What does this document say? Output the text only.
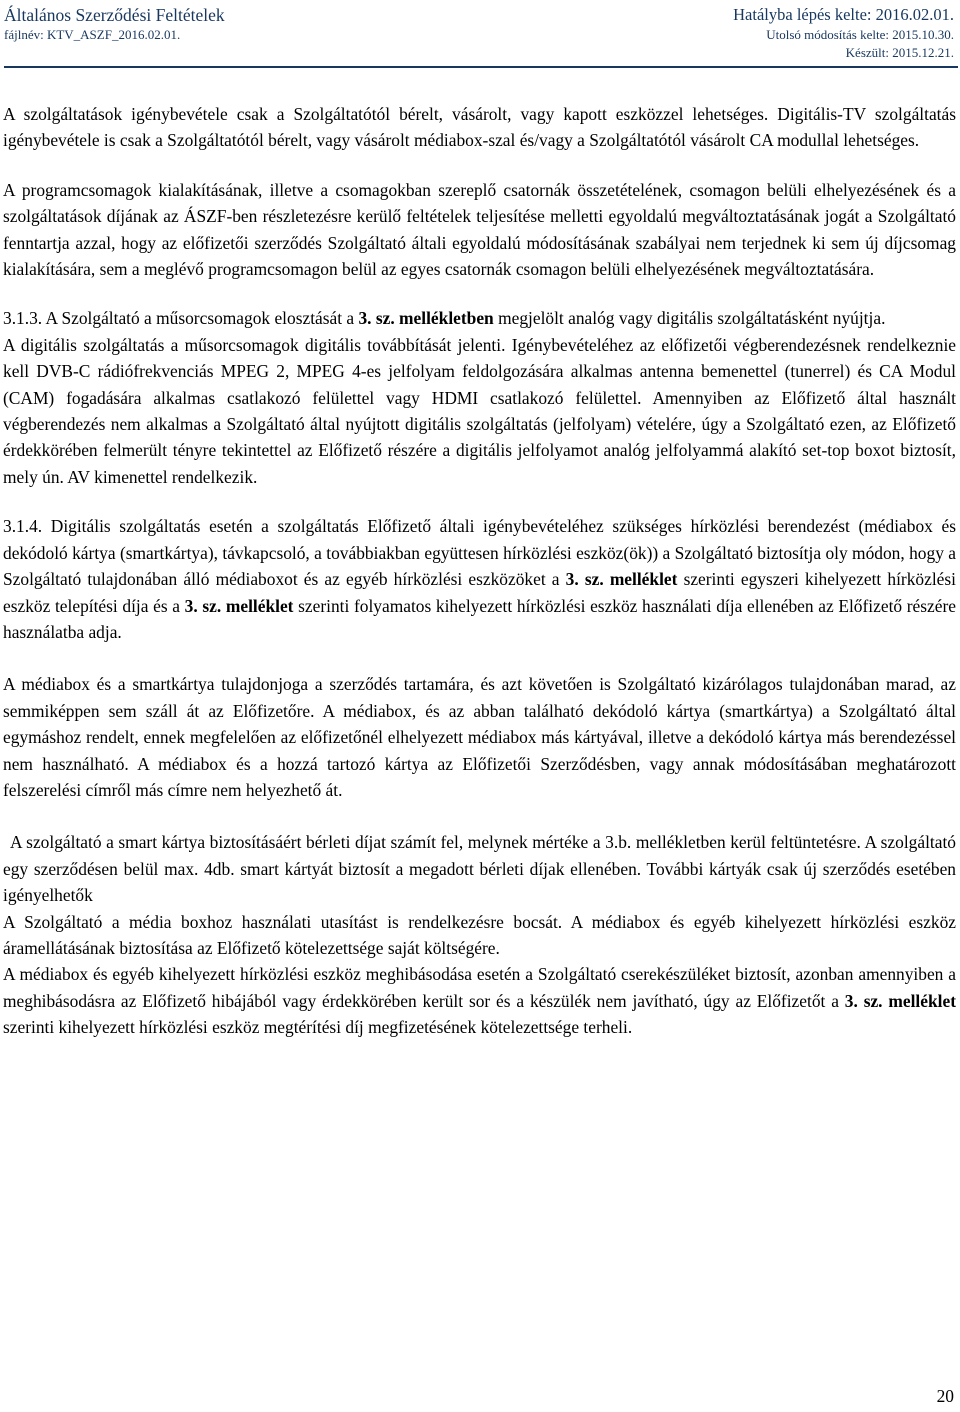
Általános Szerződési Feltételek
fájlnév: KTV_ASZF_2016.02.01.
Hatályba lépés kelte: 2016.02.01.
Utolsó módosítás kelte: 2015.10.30.
Készült: 2015.12.21.

A szolgáltatások igénybevétele csak a Szolgáltatótól bérelt, vásárolt, vagy kapott eszközzel lehetséges. Digitális-TV szolgáltatás igénybevétele is csak a Szolgáltatótól bérelt, vagy vásárolt médiabox-szal és/vagy a Szolgáltatótól vásárolt CA modullal lehetséges.

A programcsomagok kialakításának, illetve a csomagokban szereplő csatornák összetételének, csomagon belüli elhelyezésének és a szolgáltatások díjának az ÁSZF-ben részletezésre kerülő feltételek teljesítése melletti egyoldalú megváltoztatásának jogát a Szolgáltató fenntartja azzal, hogy az előfizetői szerződés Szolgáltató általi egyoldalú módosításának szabályai nem terjednek ki sem új díjcsomag kialakítására, sem a meglévő programcsomagon belül az egyes csatornák csomagon belüli elhelyezésének megváltoztatására.

3.1.3. A Szolgáltató a műsorcsomagok elosztását a 3. sz. mellékletben megjelölt analóg vagy digitális szolgáltatásként nyújtja.

A digitális szolgáltatás a műsorcsomagok digitális továbbítását jelenti. Igénybevételéhez az előfizetői végberendezésnek rendelkeznie kell DVB-C rádiófrekvenciás MPEG 2, MPEG 4-es jelfolyam feldolgozására alkalmas antenna bemenettel (tunerrel) és CA Modul (CAM) fogadására alkalmas csatlakozó felülettel vagy HDMI csatlakozó felülettel. Amennyiben az Előfizető által használt végberendezés nem alkalmas a Szolgáltató által nyújtott digitális szolgáltatás (jelfolyam) vételére, úgy a Szolgáltató ezen, az Előfizető érdekkörében felmerült tényre tekintettel az Előfizető részére a digitális jelfolyamot analóg jelfolyammá alakító set-top boxot biztosít, mely ún. AV kimenettel rendelkezik.

3.1.4. Digitális szolgáltatás esetén a szolgáltatás Előfizető általi igénybevételéhez szükséges hírközlési berendezést (médiabox és dekódoló kártya (smartkártya), távkapcsoló, a továbbiakban együttesen hírközlési eszköz(ök)) a Szolgáltató biztosítja oly módon, hogy a Szolgáltató tulajdonában álló médiaboxot és az egyéb hírközlési eszközöket a 3. sz. melléklet szerinti egyszeri kihelyezett hírközlési eszköz telepítési díja és a 3. sz. melléklet szerinti folyamatos kihelyezett hírközlési eszköz használati díja ellenében az Előfizető részére használatba adja.

A médiabox és a smartkártya tulajdonjoga a szerződés tartamára, és azt követően is Szolgáltató kizárólagos tulajdonában marad, az semmiképpen sem száll át az Előfizetőre. A médiabox, és az abban található dekódoló kártya (smartkártya) a Szolgáltató által egymáshoz rendelt, ennek megfelelően az előfizetőnél elhelyezett médiabox más kártyával, illetve a dekódoló kártya más berendezéssel nem használható. A médiabox és a hozzá tartozó kártya az Előfizetői Szerződésben, vagy annak módosításában meghatározott felszerelési címről más címre nem helyezhető át.

A szolgáltató a smart kártya biztosításáért bérleti díjat számít fel, melynek mértéke a 3.b. mellékletben kerül feltüntetésre. A szolgáltató egy szerződésen belül max. 4db. smart kártyát biztosít a megadott bérleti díjak ellenében. További kártyák csak új szerződés esetében igényelhetők

A Szolgáltató a média boxhoz használati utasítást is rendelkezésre bocsát. A médiabox és egyéb kihelyezett hírközlési eszköz áramellátásának biztosítása az Előfizető kötelezettsége saját költségére.

A médiabox és egyéb kihelyezett hírközlési eszköz meghibásodása esetén a Szolgáltató cserekészüléket biztosít, azonban amennyiben a meghibásodásra az Előfizető hibájából vagy érdekkörében került sor és a készülék nem javítható, úgy az Előfizetőt a 3. sz. melléklet szerinti kihelyezett hírközlési eszköz megtérítési díj megfizetésének kötelezettsége terheli.

20
